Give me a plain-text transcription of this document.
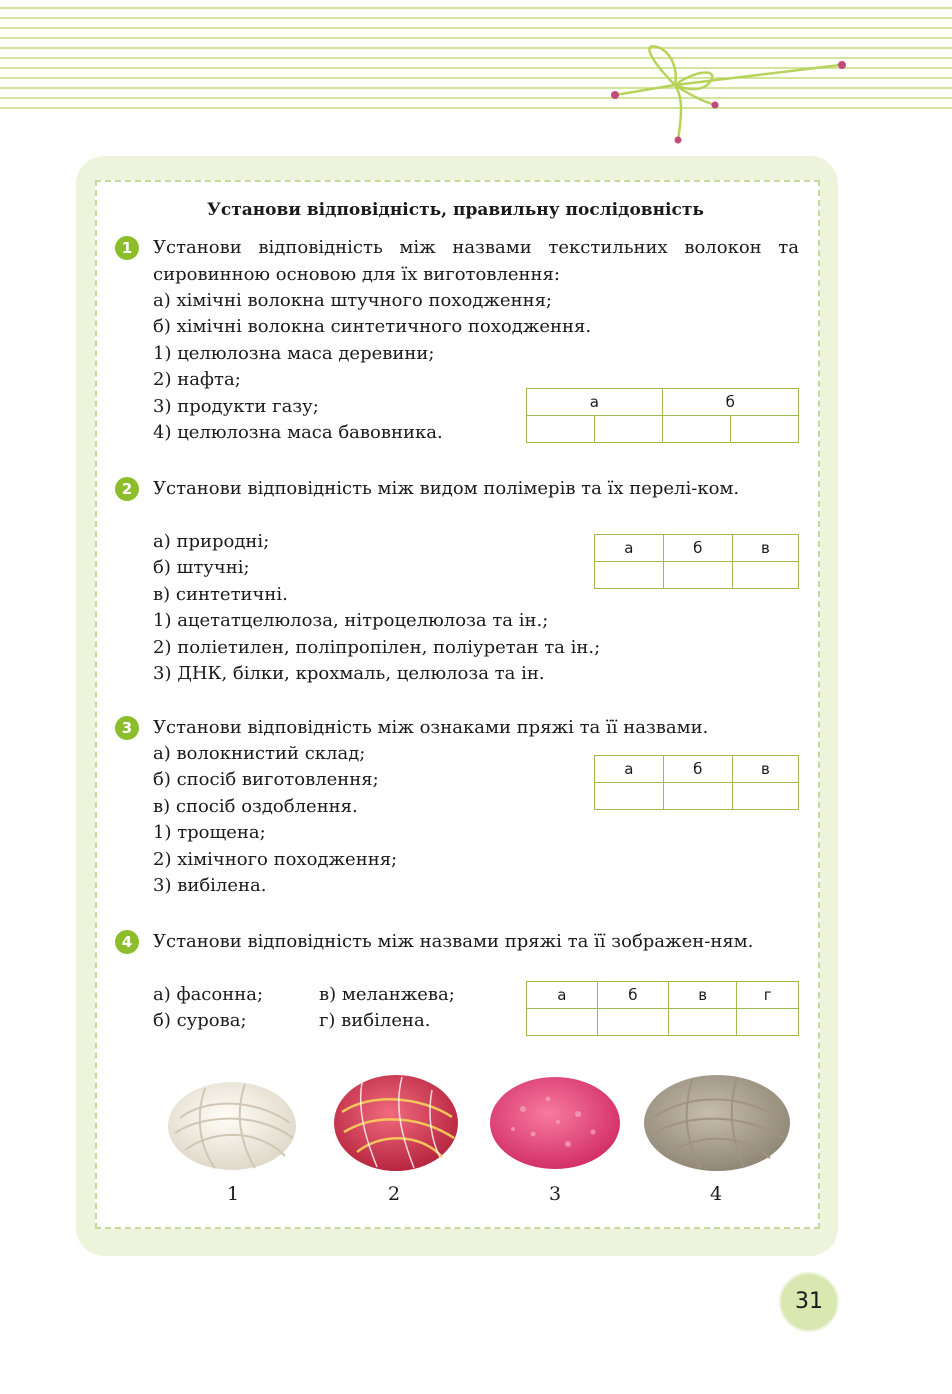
Установи відповідність, правильну послідовність
1	Установи відповідність між назвами текстильних волокон та сировинною основою для їх виготовлення:
а) хімічні волокна штучного походження;
б) хімічні волокна синтетичного походження.
1) целюлозна маса деревини;
2) нафта;
3) продукти газу;
4) целюлозна маса бавовника.
а		б	

2	Установи відповідність між видом полімерів та їх перелі-ком.
а) природні;
б) штучні;
в) синтетичні.
1) ацетатцелюлоза, нітроцелюлоза та ін.;
2) поліетилен, поліпропілен, поліуретан та ін.;
3) ДНК, білки, крохмаль, целюлоза та ін.
а	б	в

3	Установи відповідність між ознаками пряжі та її назвами.
а) волокнистий склад;
б) спосіб виготовлення;
в) спосіб оздоблення.
1) трощена;
2) хімічного походження;
3) вибілена.
а	б	в

4	Установи відповідність між назвами пряжі та її зображен-ням.
а) фасонна;
б) сурова;
в) меланжева;
г) вибілена.
а	б	в	г

1	2	3	4
31
